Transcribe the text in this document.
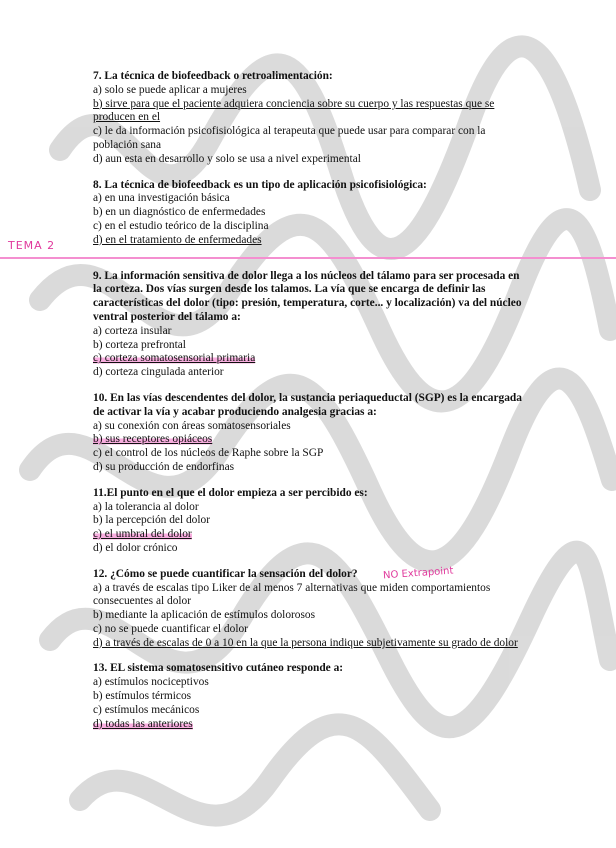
TEMA 2
NO Extrapoint
7. La técnica de biofeedback o retroalimentación:
a) solo se puede aplicar a mujeres
b) sirve para que el paciente adquiera conciencia sobre su cuerpo y las respuestas que se producen en el
c) le da información psicofisiológica al terapeuta que puede usar para comparar con la población sana
d) aun esta en desarrollo y solo se usa a nivel experimental
8. La técnica de biofeedback es un tipo de aplicación psicofisiológica:
a) en una investigación básica
b) en un diagnóstico de enfermedades
c) en el estudio teórico de la disciplina
d) en el tratamiento de enfermedades
9. La información sensitiva de dolor llega a los núcleos del tálamo para ser procesada en la corteza. Dos vías surgen desde los talamos. La vía que se encarga de definir las características del dolor (tipo: presión, temperatura, corte... y localización) va del núcleo ventral posterior del tálamo a:
a) corteza insular
b) corteza prefrontal
c) corteza somatosensorial primaria
d) corteza cingulada anterior
10. En las vías descendentes del dolor, la sustancia periaqueductal (SGP) es la encargada de activar la vía y acabar produciendo analgesia gracias a:
a) su conexión con áreas somatosensoriales
b) sus receptores opiáceos
c) el control de los núcleos de Raphe sobre la SGP
d) su producción de endorfinas
11.El punto en el que el dolor empieza a ser percibido es:
a) la tolerancia al dolor
b) la percepción del dolor
c) el umbral del dolor
d) el dolor crónico
12. ¿Cómo se puede cuantificar la sensación del dolor?
a) a través de escalas tipo Liker de al menos 7 alternativas que miden comportamientos consecuentes al dolor
b) mediante la aplicación de estímulos dolorosos
c) no se puede cuantificar el dolor
d) a través de escalas de 0 a 10 en la que la persona indique subjetivamente su grado de dolor
13. EL sistema somatosensitivo cutáneo responde a:
a) estímulos nociceptivos
b) estímulos térmicos
c) estímulos mecánicos
d) todas las anteriores
